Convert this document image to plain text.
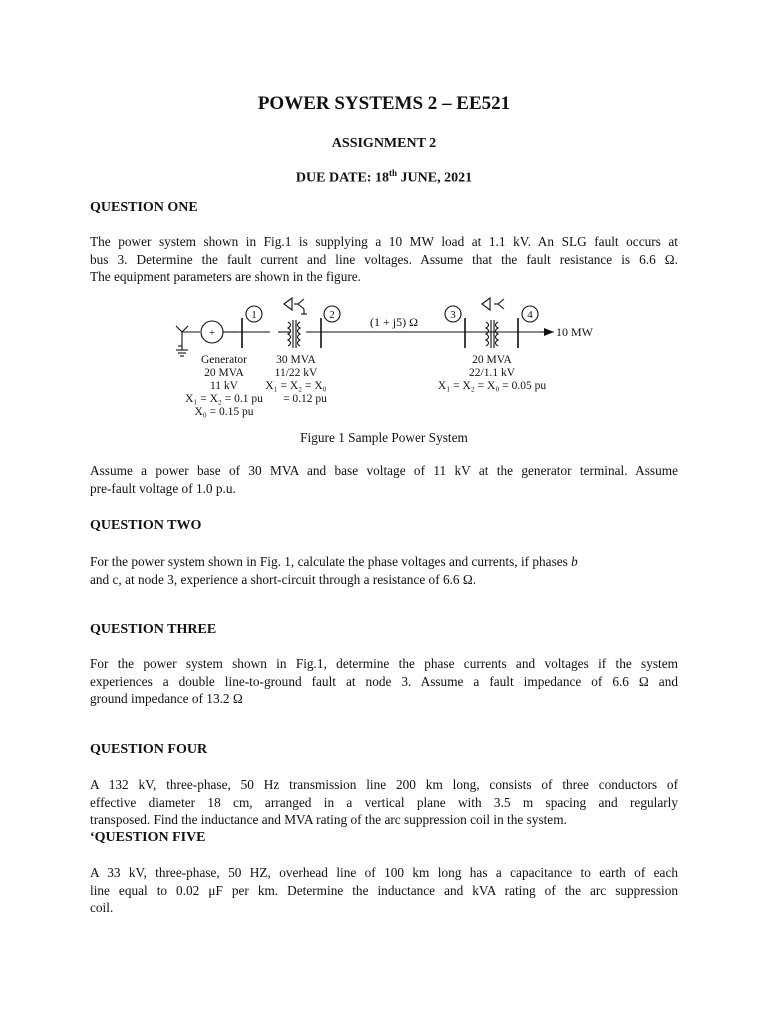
POWER SYSTEMS 2 – EE521
ASSIGNMENT 2
DUE DATE: 18th JUNE, 2021
QUESTION ONE
The power system shown in Fig.1 is supplying a 10 MW load at 1.1 kV. An SLG fault occurs at
bus 3. Determine the fault current and line voltages. Assume that the fault resistance is 6.6 Ω.
The equipment parameters are shown in the figure.
+
1	2	3	4
(1 + j5) Ω
10 MW
Generator
20 MVA
11 kV
X₁ = X₂ = 0.1 pu
X₀ = 0.15 pu
30 MVA
11/22 kV
X₁ = X₂ = X₀
= 0.12 pu
20 MVA
22/1.1 kV
X₁ = X₂ = X₀ = 0.05 pu
Figure 1 Sample Power System
Assume a power base of 30 MVA and base voltage of 11 kV at the generator terminal. Assume
pre-fault voltage of 1.0 p.u.
QUESTION TWO
For the power system shown in Fig. 1, calculate the phase voltages and currents, if phases b
and c, at node 3, experience a short-circuit through a resistance of 6.6 Ω.
QUESTION THREE
For the power system shown in Fig.1, determine the phase currents and voltages if the system
experiences a double line-to-ground fault at node 3. Assume a fault impedance of 6.6 Ω and
ground impedance of 13.2 Ω
QUESTION FOUR
A 132 kV, three-phase, 50 Hz transmission line 200 km long, consists of three conductors of
effective diameter 18 cm, arranged in a vertical plane with 3.5 m spacing and regularly
transposed. Find the inductance and MVA rating of the arc suppression coil in the system.
‘QUESTION FIVE
A 33 kV, three-phase, 50 HZ, overhead line of 100 km long has a capacitance to earth of each
line equal to 0.02 μF per km. Determine the inductance and kVA rating of the arc suppression
coil.
